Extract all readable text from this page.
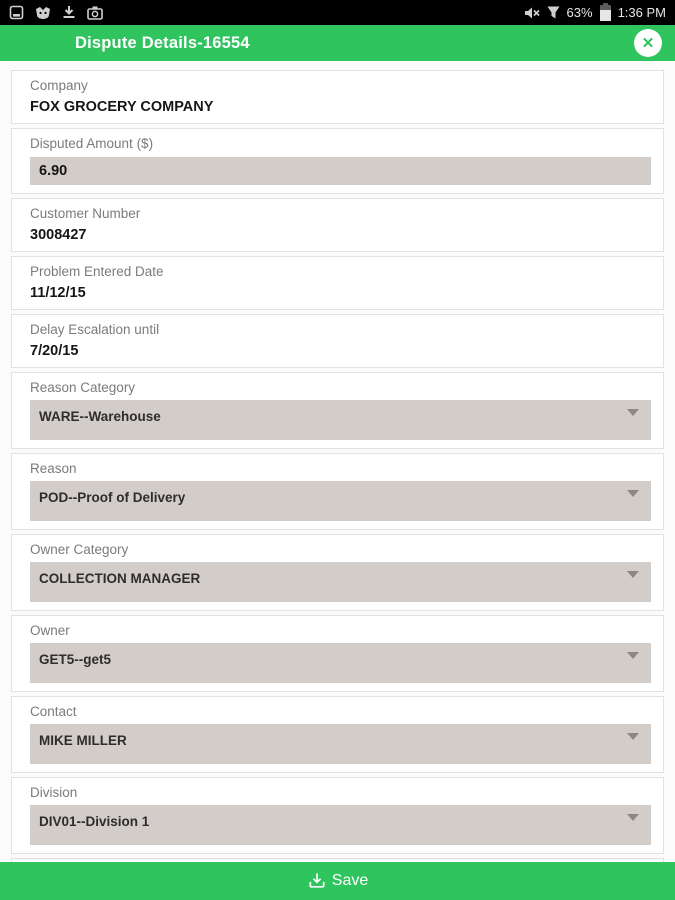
63% 1:36 PM
Dispute Details-16554	✕
Company
FOX GROCERY COMPANY
Disputed Amount ($)
6.90
Customer Number
3008427
Problem Entered Date
11/12/15
Delay Escalation until
7/20/15
Reason Category
WARE--Warehouse
Reason
POD--Proof of Delivery
Owner Category
COLLECTION MANAGER
Owner
GET5--get5
Contact
MIKE MILLER
Division
DIV01--Division 1
Save
